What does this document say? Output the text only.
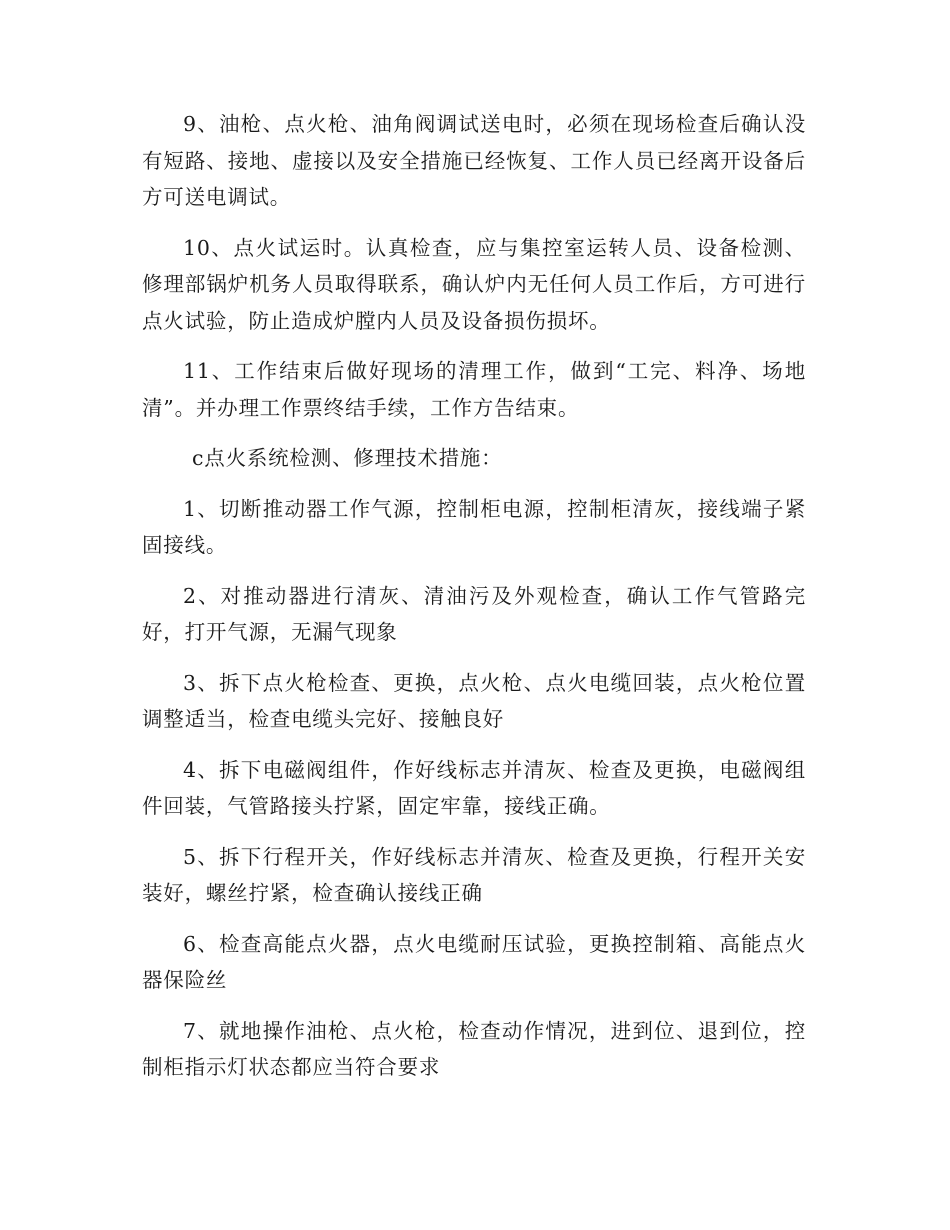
9、油枪、点火枪、油角阀调试送电时，必须在现场检查后确认没有短路、接地、虚接以及安全措施已经恢复、工作人员已经离开设备后方可送电调试。

10、点火试运时。认真检查，应与集控室运转人员、设备检测、修理部锅炉机务人员取得联系，确认炉内无任何人员工作后，方可进行点火试验，防止造成炉膛内人员及设备损伤损坏。

11、工作结束后做好现场的清理工作，做到“工完、料净、场地清”。并办理工作票终结手续，工作方告结束。

c点火系统检测、修理技术措施：

1、切断推动器工作气源，控制柜电源，控制柜清灰，接线端子紧固接线。

2、对推动器进行清灰、清油污及外观检查，确认工作气管路完好，打开气源，无漏气现象

3、拆下点火枪检查、更换，点火枪、点火电缆回装，点火枪位置调整适当，检查电缆头完好、接触良好

4、拆下电磁阀组件，作好线标志并清灰、检查及更换，电磁阀组件回装，气管路接头拧紧，固定牢靠，接线正确。

5、拆下行程开关，作好线标志并清灰、检查及更换，行程开关安装好，螺丝拧紧，检查确认接线正确

6、检查高能点火器，点火电缆耐压试验，更换控制箱、高能点火器保险丝

7、就地操作油枪、点火枪，检查动作情况，进到位、退到位，控制柜指示灯状态都应当符合要求
